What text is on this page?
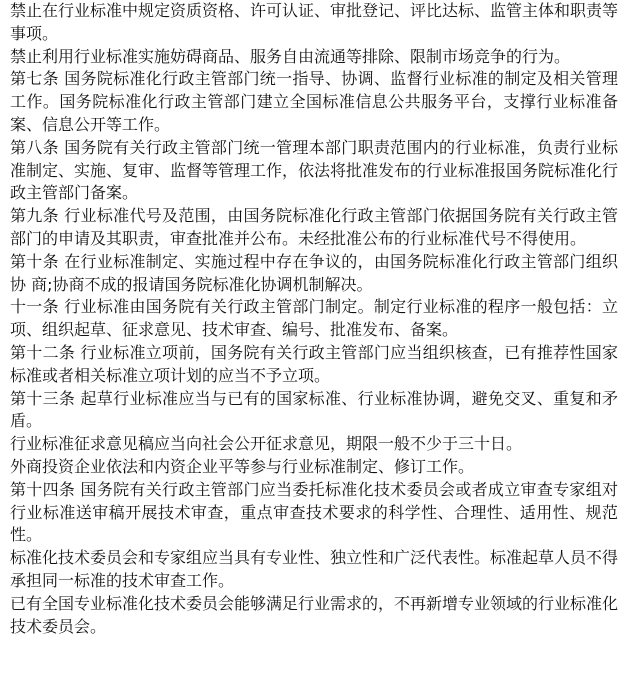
禁止在行业标准中规定资质资格、许可认证、审批登记、评比达标、监管主体和职责等事项。

禁止利用行业标准实施妨碍商品、服务自由流通等排除、限制市场竞争的行为。

第七条 国务院标准化行政主管部门统一指导、协调、监督行业标准的制定及相关管理工作。国务院标准化行政主管部门建立全国标准信息公共服务平台，支撑行业标准备案、信息公开等工作。

第八条 国务院有关行政主管部门统一管理本部门职责范围内的行业标准，负责行业标准制定、实施、复审、监督等管理工作，依法将批准发布的行业标准报国务院标准化行政主管部门备案。

第九条 行业标准代号及范围，由国务院标准化行政主管部门依据国务院有关行政主管部门的申请及其职责，审查批准并公布。未经批准公布的行业标准代号不得使用。

第十条 在行业标准制定、实施过程中存在争议的，由国务院标准化行政主管部门组织协 商;协商不成的报请国务院标准化协调机制解决。

十一条 行业标准由国务院有关行政主管部门制定。制定行业标准的程序一般包括：立项、组织起草、征求意见、技术审查、编号、批准发布、备案。

第十二条 行业标准立项前，国务院有关行政主管部门应当组织核查，已有推荐性国家标准或者相关标准立项计划的应当不予立项。

第十三条 起草行业标准应当与已有的国家标准、行业标准协调，避免交叉、重复和矛盾。

行业标准征求意见稿应当向社会公开征求意见，期限一般不少于三十日。

外商投资企业依法和内资企业平等参与行业标准制定、修订工作。

第十四条 国务院有关行政主管部门应当委托标准化技术委员会或者成立审查专家组对行业标准送审稿开展技术审查，重点审查技术要求的科学性、合理性、适用性、规范性。

标准化技术委员会和专家组应当具有专业性、独立性和广泛代表性。标准起草人员不得承担同一标准的技术审查工作。

已有全国专业标准化技术委员会能够满足行业需求的，不再新增专业领域的行业标准化技术委员会。
